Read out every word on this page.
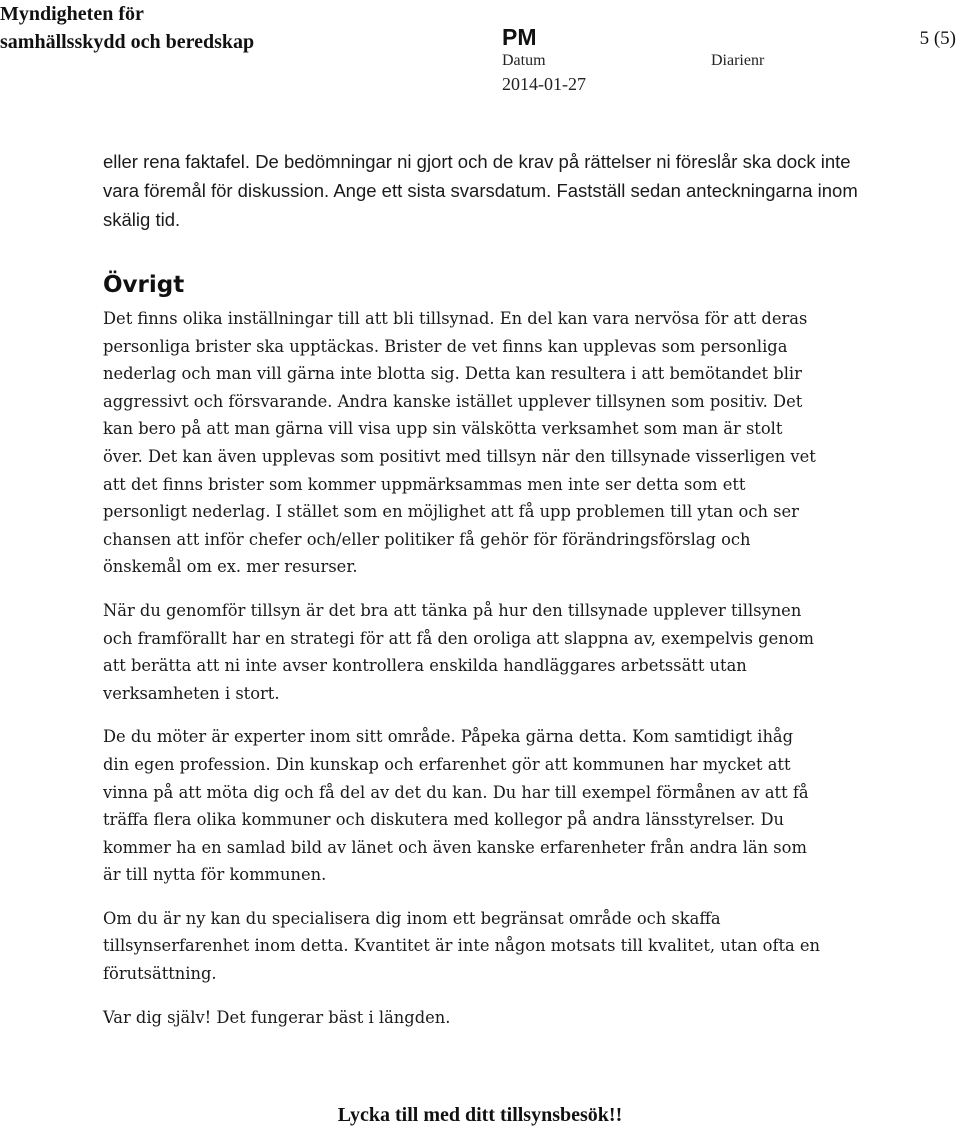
Myndigheten för
samhällsskydd och beredskap	PM	5 (5)
Datum	Diarienr
2014-01-27

eller rena faktafel. De bedömningar ni gjort och de krav på rättelser ni föreslår ska dock inte vara föremål för diskussion. Ange ett sista svarsdatum. Fastställ sedan anteckningarna inom skälig tid.

Övrigt

Det finns olika inställningar till att bli tillsynad. En del kan vara nervösa för att deras personliga brister ska upptäckas. Brister de vet finns kan upplevas som personliga nederlag och man vill gärna inte blotta sig. Detta kan resultera i att bemötandet blir aggressivt och försvarande. Andra kanske istället upplever tillsynen som positiv. Det kan bero på att man gärna vill visa upp sin välskötta verksamhet som man är stolt över. Det kan även upplevas som positivt med tillsyn när den tillsynade visserligen vet att det finns brister som kommer uppmärksammas men inte ser detta som ett personligt nederlag. I stället som en möjlighet att få upp problemen till ytan och ser chansen att inför chefer och/eller politiker få gehör för förändringsförslag och önskemål om ex. mer resurser.

När du genomför tillsyn är det bra att tänka på hur den tillsynade upplever tillsynen och framförallt har en strategi för att få den oroliga att slappna av, exempelvis genom att berätta att ni inte avser kontrollera enskilda handläggares arbetssätt utan verksamheten i stort.

De du möter är experter inom sitt område. Påpeka gärna detta. Kom samtidigt ihåg din egen profession. Din kunskap och erfarenhet gör att kommunen har mycket att vinna på att möta dig och få del av det du kan. Du har till exempel förmånen av att få träffa flera olika kommuner och diskutera med kollegor på andra länsstyrelser. Du kommer ha en samlad bild av länet och även kanske erfarenheter från andra län som är till nytta för kommunen.

Om du är ny kan du specialisera dig inom ett begränsat område och skaffa tillsynserfarenhet inom detta. Kvantitet är inte någon motsats till kvalitet, utan ofta en förutsättning.

Var dig själv! Det fungerar bäst i längden.

Lycka till med ditt tillsynsbesök!!
